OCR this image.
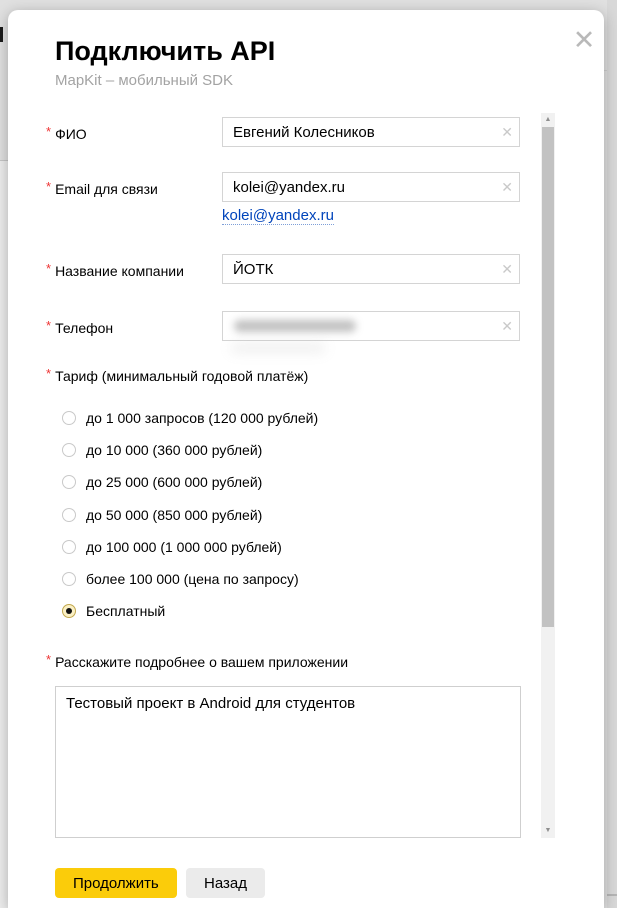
Подключить API
MapKit – мобильный SDK
✕
* ФИО
Евгений Колесников	✕
* Email для связи
kolei@yandex.ru	✕
kolei@yandex.ru
* Название компании
ЙОТК	✕
* Телефон	✕
* Тариф (минимальный годовой платёж)
до 1 000 запросов (120 000 рублей)
до 10 000 (360 000 рублей)
до 25 000 (600 000 рублей)
до 50 000 (850 000 рублей)
до 100 000 (1 000 000 рублей)
более 100 000 (цена по запросу)
Бесплатный
* Расскажите подробнее о вашем приложении
Тестовый проект в Android для студентов
▲
▼
Продолжить	Назад
